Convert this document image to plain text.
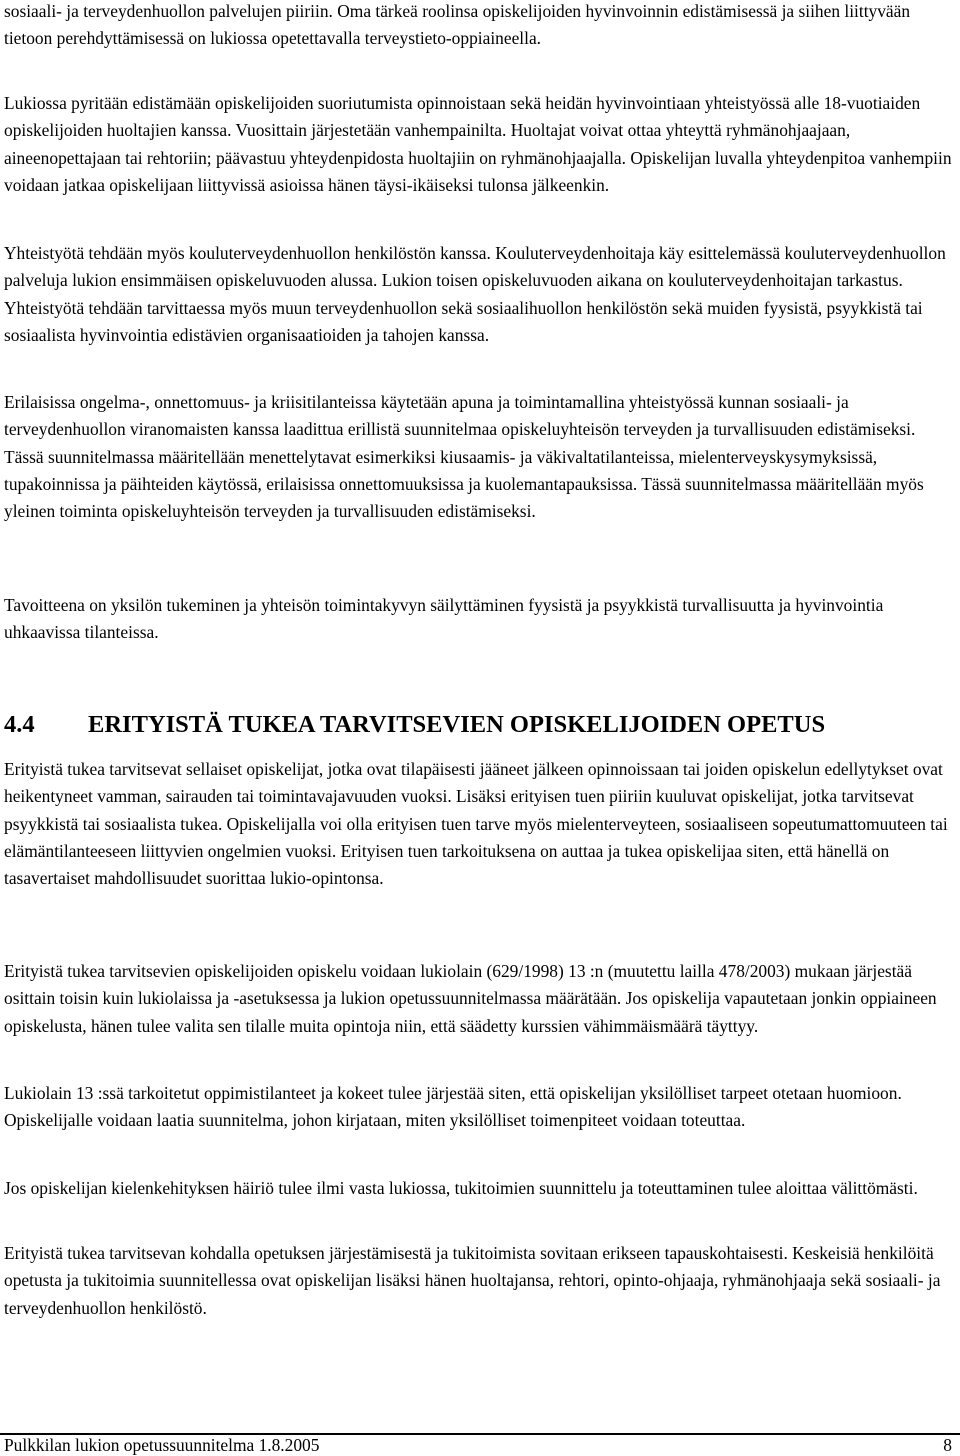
sosiaali- ja terveydenhuollon palvelujen piiriin. Oma tärkeä roolinsa opiskelijoiden hyvinvoinnin edistämisessä ja siihen liittyvään tietoon perehdyttämisessä on lukiossa opetettavalla terveystieto-oppiaineella.

Lukiossa pyritään edistämään opiskelijoiden suoriutumista opinnoistaan sekä heidän hyvinvointiaan yhteistyössä alle 18-vuotiaiden opiskelijoiden huoltajien kanssa. Vuosittain järjestetään vanhempainilta. Huoltajat voivat ottaa yhteyttä ryhmänohjaajaan, aineenopettajaan tai rehtoriin; päävastuu yhteydenpidosta huoltajiin on ryhmänohjaajalla. Opiskelijan luvalla yhteydenpitoa vanhempiin voidaan jatkaa opiskelijaan liittyvissä asioissa hänen täysi-ikäiseksi tulonsa jälkeenkin.

Yhteistyötä tehdään myös kouluterveydenhuollon henkilöstön kanssa. Kouluterveydenhoitaja käy esittelemässä kouluterveydenhuollon palveluja lukion ensimmäisen opiskeluvuoden alussa. Lukion toisen opiskeluvuoden aikana on kouluterveydenhoitajan tarkastus. Yhteistyötä tehdään tarvittaessa myös muun terveydenhuollon sekä sosiaalihuollon henkilöstön sekä muiden fyysistä, psyykkistä tai sosiaalista hyvinvointia edistävien organisaatioiden ja tahojen kanssa.

Erilaisissa ongelma-, onnettomuus- ja kriisitilanteissa käytetään apuna ja toimintamallina yhteistyössä kunnan sosiaali- ja terveydenhuollon viranomaisten kanssa laadittua erillistä suunnitelmaa opiskeluyhteisön terveyden ja turvallisuuden edistämiseksi. Tässä suunnitelmassa määritellään menettelytavat esimerkiksi kiusaamis- ja väkivaltatilanteissa, mielenterveyskysymyksissä, tupakoinnissa ja päihteiden käytössä, erilaisissa onnettomuuksissa ja kuolemantapauksissa. Tässä suunnitelmassa määritellään myös yleinen toiminta opiskeluyhteisön terveyden ja turvallisuuden edistämiseksi.

Tavoitteena on yksilön tukeminen ja yhteisön toimintakyvyn säilyttäminen fyysistä ja psyykkistä turvallisuutta ja hyvinvointia uhkaavissa tilanteissa.

4.4 ERITYISTÄ TUKEA TARVITSEVIEN OPISKELIJOIDEN OPETUS

Erityistä tukea tarvitsevat sellaiset opiskelijat, jotka ovat tilapäisesti jääneet jälkeen opinnoissaan tai joiden opiskelun edellytykset ovat heikentyneet vamman, sairauden tai toimintavajavuuden vuoksi. Lisäksi erityisen tuen piiriin kuuluvat opiskelijat, jotka tarvitsevat psyykkistä tai sosiaalista tukea. Opiskelijalla voi olla erityisen tuen tarve myös mielenterveyteen, sosiaaliseen sopeutumattomuuteen tai elämäntilanteeseen liittyvien ongelmien vuoksi. Erityisen tuen tarkoituksena on auttaa ja tukea opiskelijaa siten, että hänellä on tasavertaiset mahdollisuudet suorittaa lukio-opintonsa.

Erityistä tukea tarvitsevien opiskelijoiden opiskelu voidaan lukiolain (629/1998) 13 :n (muutettu lailla 478/2003) mukaan järjestää osittain toisin kuin lukiolaissa ja -asetuksessa ja lukion opetussuunnitelmassa määrätään. Jos opiskelija vapautetaan jonkin oppiaineen opiskelusta, hänen tulee valita sen tilalle muita opintoja niin, että säädetty kurssien vähimmäismäärä täyttyy.

Lukiolain 13 :ssä tarkoitetut oppimistilanteet ja kokeet tulee järjestää siten, että opiskelijan yksilölliset tarpeet otetaan huomioon. Opiskelijalle voidaan laatia suunnitelma, johon kirjataan, miten yksilölliset toimenpiteet voidaan toteuttaa.

Jos opiskelijan kielenkehityksen häiriö tulee ilmi vasta lukiossa, tukitoimien suunnittelu ja toteuttaminen tulee aloittaa välittömästi.

Erityistä tukea tarvitsevan kohdalla opetuksen järjestämisestä ja tukitoimista sovitaan erikseen tapauskohtaisesti. Keskeisiä henkilöitä opetusta ja tukitoimia suunnitellessa ovat opiskelijan lisäksi hänen huoltajansa, rehtori, opinto-ohjaaja, ryhmänohjaaja sekä sosiaali- ja terveydenhuollon henkilöstö.

Pulkkilan lukion opetussuunnitelma 1.8.2005	8
